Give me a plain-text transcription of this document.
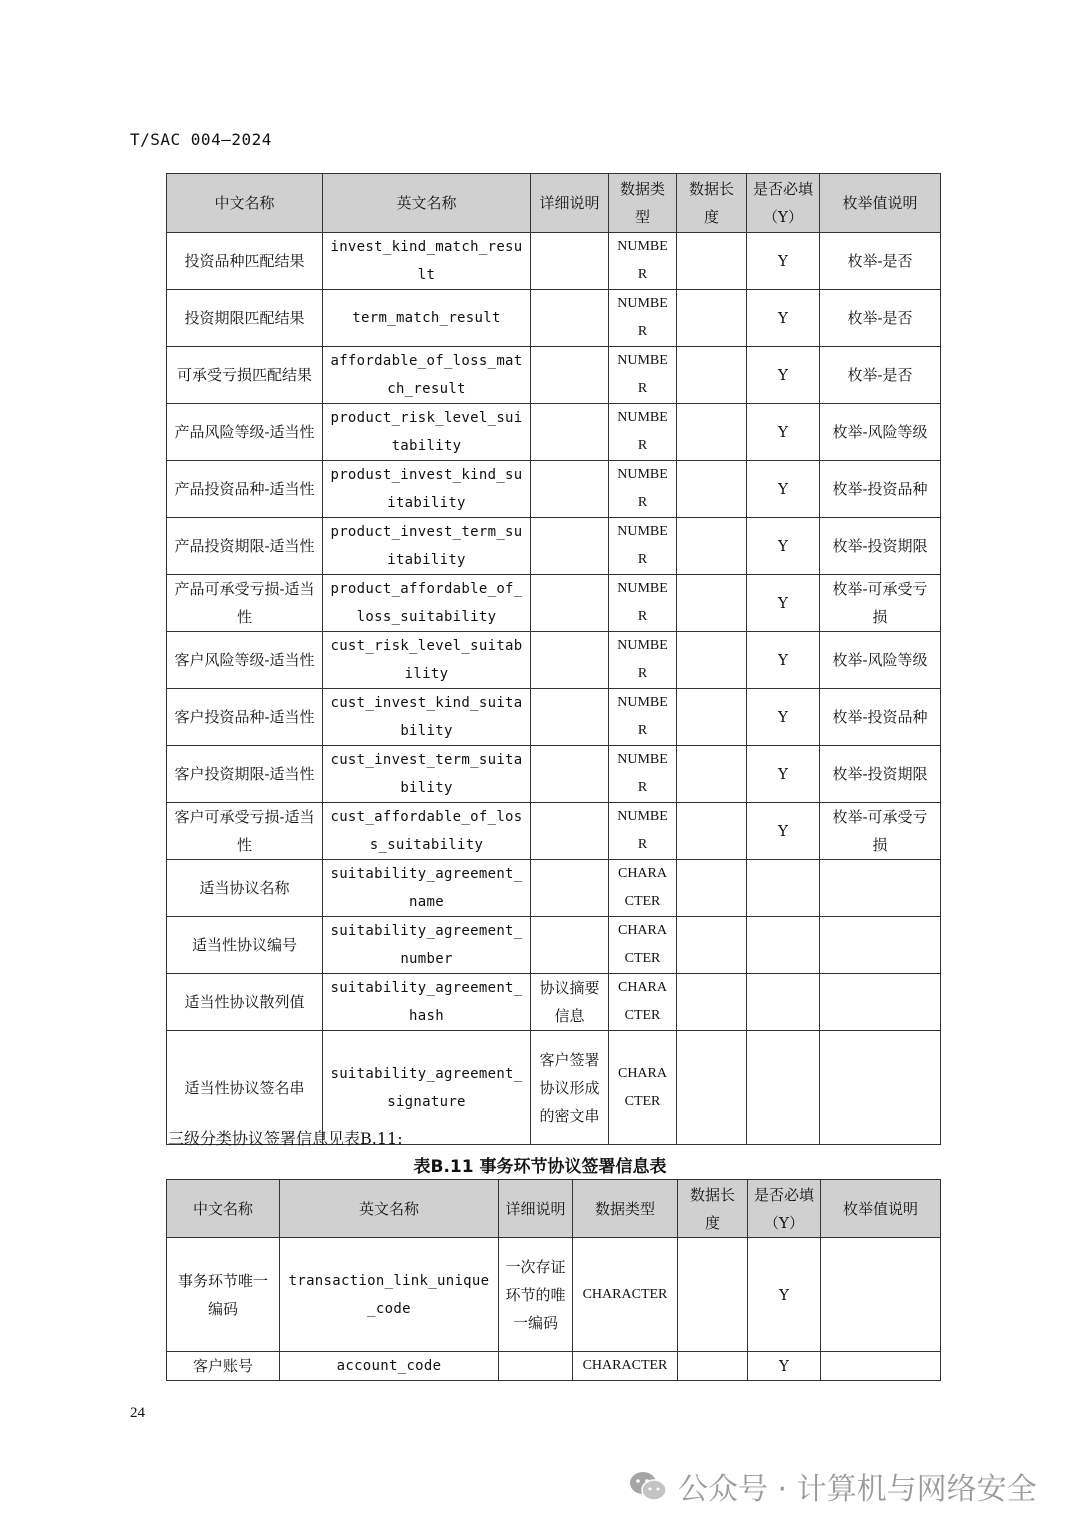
T/SAC 004—2024
中文名称	英文名称	详细说明	数据类型	数据长度	是否必填（Y）	枚举值说明
投资品种匹配结果	invest_kind_match_result		NUMBER		Y	枚举-是否
投资期限匹配结果	term_match_result		NUMBER		Y	枚举-是否
可承受亏损匹配结果	affordable_of_loss_match_result		NUMBER		Y	枚举-是否
产品风险等级-适当性	product_risk_level_suitability		NUMBER		Y	枚举-风险等级
产品投资品种-适当性	produst_invest_kind_suitability		NUMBER		Y	枚举-投资品种
产品投资期限-适当性	product_invest_term_suitability		NUMBER		Y	枚举-投资期限
产品可承受亏损-适当性	product_affordable_of_loss_suitability		NUMBER		Y	枚举-可承受亏损
客户风险等级-适当性	cust_risk_level_suitability		NUMBER		Y	枚举-风险等级
客户投资品种-适当性	cust_invest_kind_suitability		NUMBER		Y	枚举-投资品种
客户投资期限-适当性	cust_invest_term_suitability		NUMBER		Y	枚举-投资期限
客户可承受亏损-适当性	cust_affordable_of_loss_suitability		NUMBER		Y	枚举-可承受亏损
适当协议名称	suitability_agreement_name		CHARACTER			
适当性协议编号	suitability_agreement_number		CHARACTER			
适当性协议散列值	suitability_agreement_hash	协议摘要信息	CHARACTER			
适当性协议签名串	suitability_agreement_signature	客户签署协议形成的密文串	CHARACTER			
三级分类协议签署信息见表B.11:
表B.11 事务环节协议签署信息表
中文名称	英文名称	详细说明	数据类型	数据长度	是否必填（Y）	枚举值说明
事务环节唯一编码	transaction_link_unique_code	一次存证环节的唯一编码	CHARACTER		Y	
客户账号	account_code		CHARACTER		Y	
24
公众号 · 计算机与网络安全
